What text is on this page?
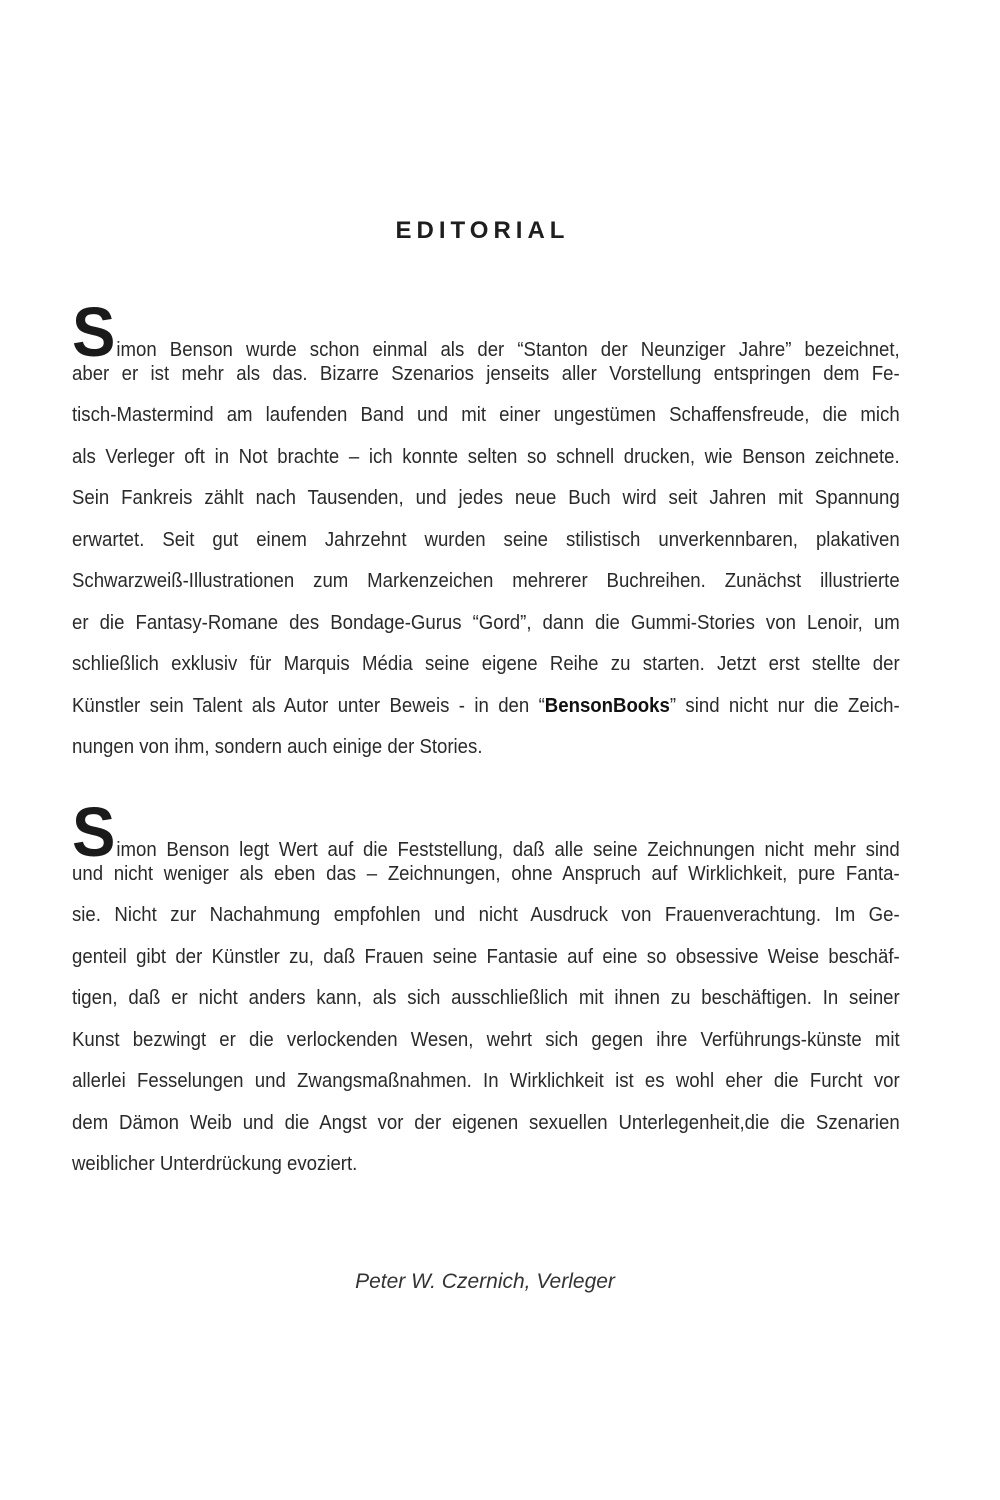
EDITORIAL
Simon Benson wurde schon einmal als der “Stanton der Neunziger Jahre” bezeichnet,
aber er ist mehr als das. Bizarre Szenarios jenseits aller Vorstellung entspringen dem Fe-
tisch-Mastermind am laufenden Band und mit einer ungestümen Schaffensfreude, die mich
als Verleger oft in Not brachte – ich konnte selten so schnell drucken, wie Benson zeichnete.
Sein Fankreis zählt nach Tausenden, und jedes neue Buch wird seit Jahren mit Spannung
erwartet. Seit gut einem Jahrzehnt wurden seine stilistisch unverkennbaren, plakativen
Schwarzweiß-Illustrationen zum Markenzeichen mehrerer Buchreihen. Zunächst illustrierte
er die Fantasy-Romane des Bondage-Gurus “Gord”, dann die Gummi-Stories von Lenoir, um
schließlich exklusiv für Marquis Média seine eigene Reihe zu starten. Jetzt erst stellte der
Künstler sein Talent als Autor unter Beweis - in den “BensonBooks” sind nicht nur die Zeich-
nungen von ihm, sondern auch einige der Stories.
Simon Benson legt Wert auf die Feststellung, daß alle seine Zeichnungen nicht mehr sind
und nicht weniger als eben das – Zeichnungen, ohne Anspruch auf Wirklichkeit, pure Fanta-
sie. Nicht zur Nachahmung empfohlen und nicht Ausdruck von Frauenverachtung. Im Ge-
genteil gibt der Künstler zu, daß Frauen seine Fantasie auf eine so obsessive Weise beschäf-
tigen, daß er nicht anders kann, als sich ausschließlich mit ihnen zu beschäftigen. In seiner
Kunst bezwingt er die verlockenden Wesen, wehrt sich gegen ihre Verführungs-künste mit
allerlei Fesselungen und Zwangsmaßnahmen. In Wirklichkeit ist es wohl eher die Furcht vor
dem Dämon Weib und die Angst vor der eigenen sexuellen Unterlegenheit,die die Szenarien
weiblicher Unterdrückung evoziert.
Peter W. Czernich, Verleger
